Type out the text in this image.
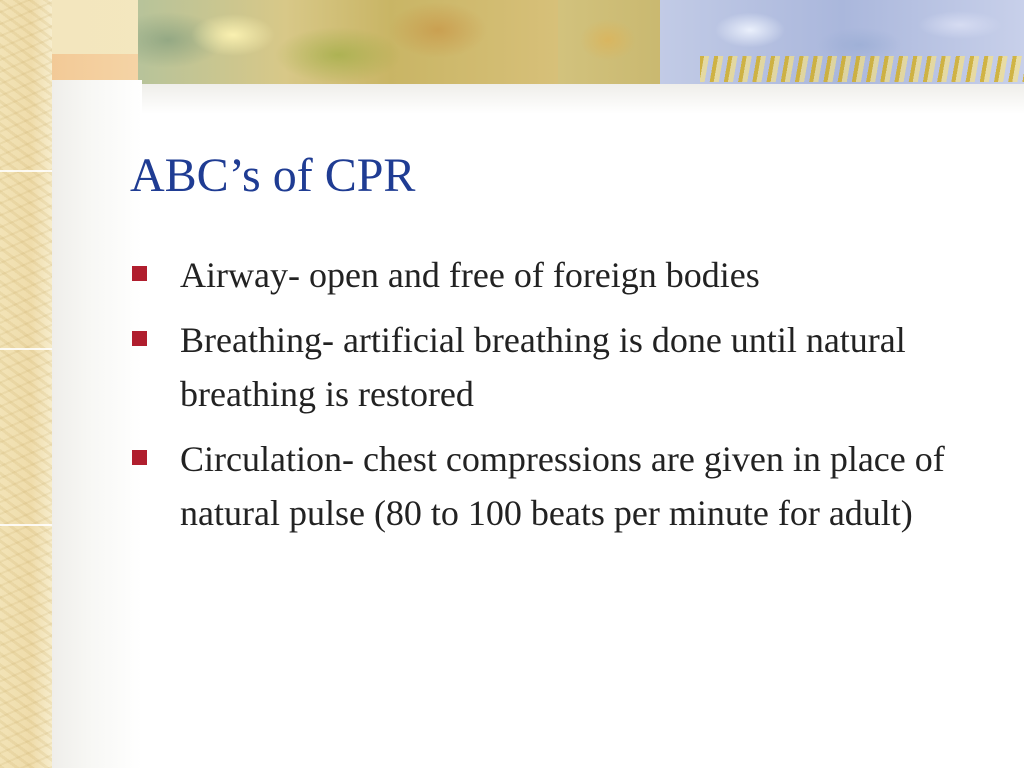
ABC’s of CPR
Airway- open and free of foreign bodies
Breathing- artificial breathing is done until natural breathing is restored
Circulation- chest compressions are given in place of natural pulse (80 to 100 beats per minute for adult)
